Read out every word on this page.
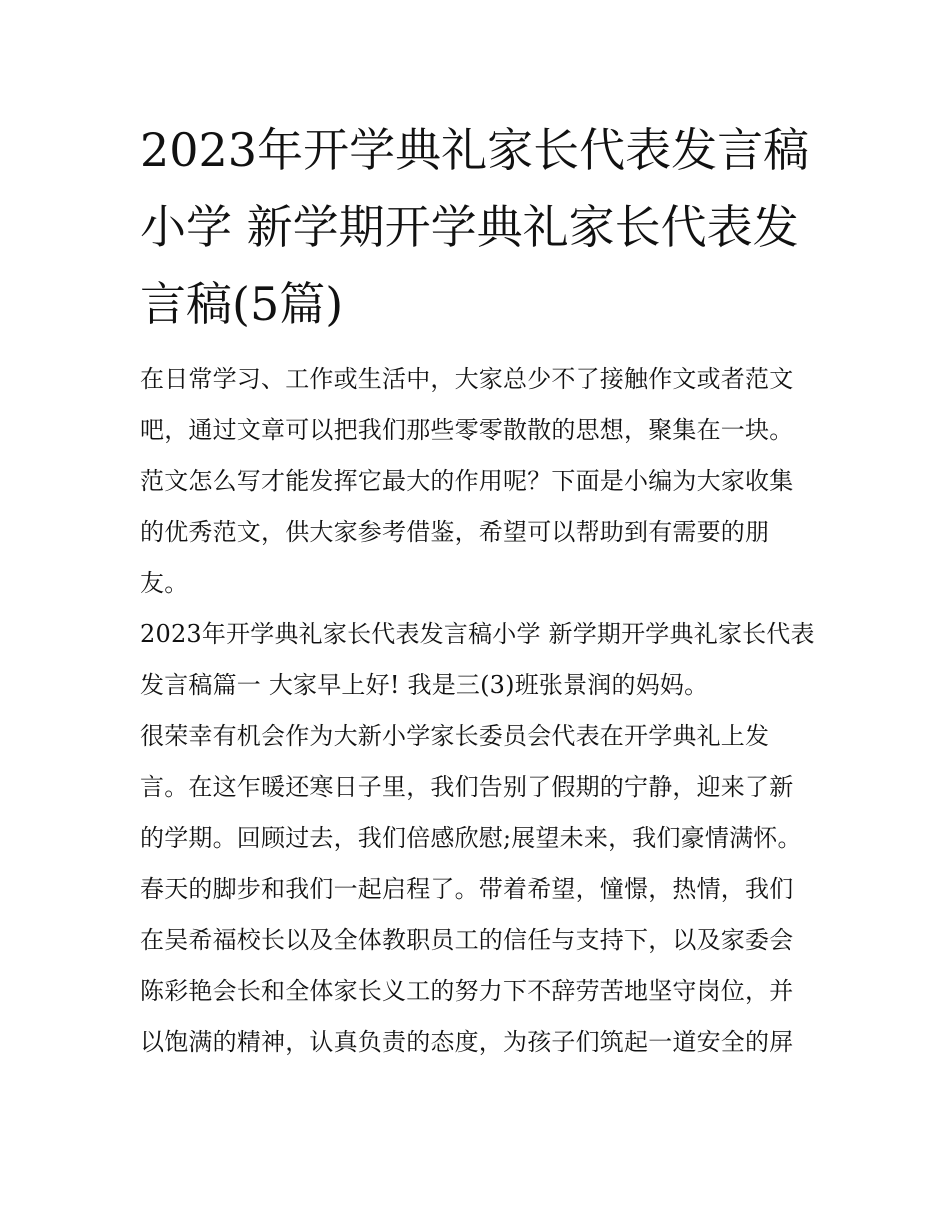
2023年开学典礼家长代表发言稿小学 新学期开学典礼家长代表发言稿(5篇)

在日常学习、工作或生活中，大家总少不了接触作文或者范文吧，通过文章可以把我们那些零零散散的思想，聚集在一块。范文怎么写才能发挥它最大的作用呢？下面是小编为大家收集的优秀范文，供大家参考借鉴，希望可以帮助到有需要的朋友。

2023年开学典礼家长代表发言稿小学 新学期开学典礼家长代表发言稿篇一 大家早上好! 我是三(3)班张景润的妈妈。

很荣幸有机会作为大新小学家长委员会代表在开学典礼上发言。在这乍暖还寒日子里，我们告别了假期的宁静，迎来了新的学期。回顾过去，我们倍感欣慰;展望未来，我们豪情满怀。

春天的脚步和我们一起启程了。带着希望，憧憬，热情，我们在吴希福校长以及全体教职员工的信任与支持下，以及家委会陈彩艳会长和全体家长义工的努力下不辞劳苦地坚守岗位，并以饱满的精神，认真负责的态度，为孩子们筑起一道安全的屏
